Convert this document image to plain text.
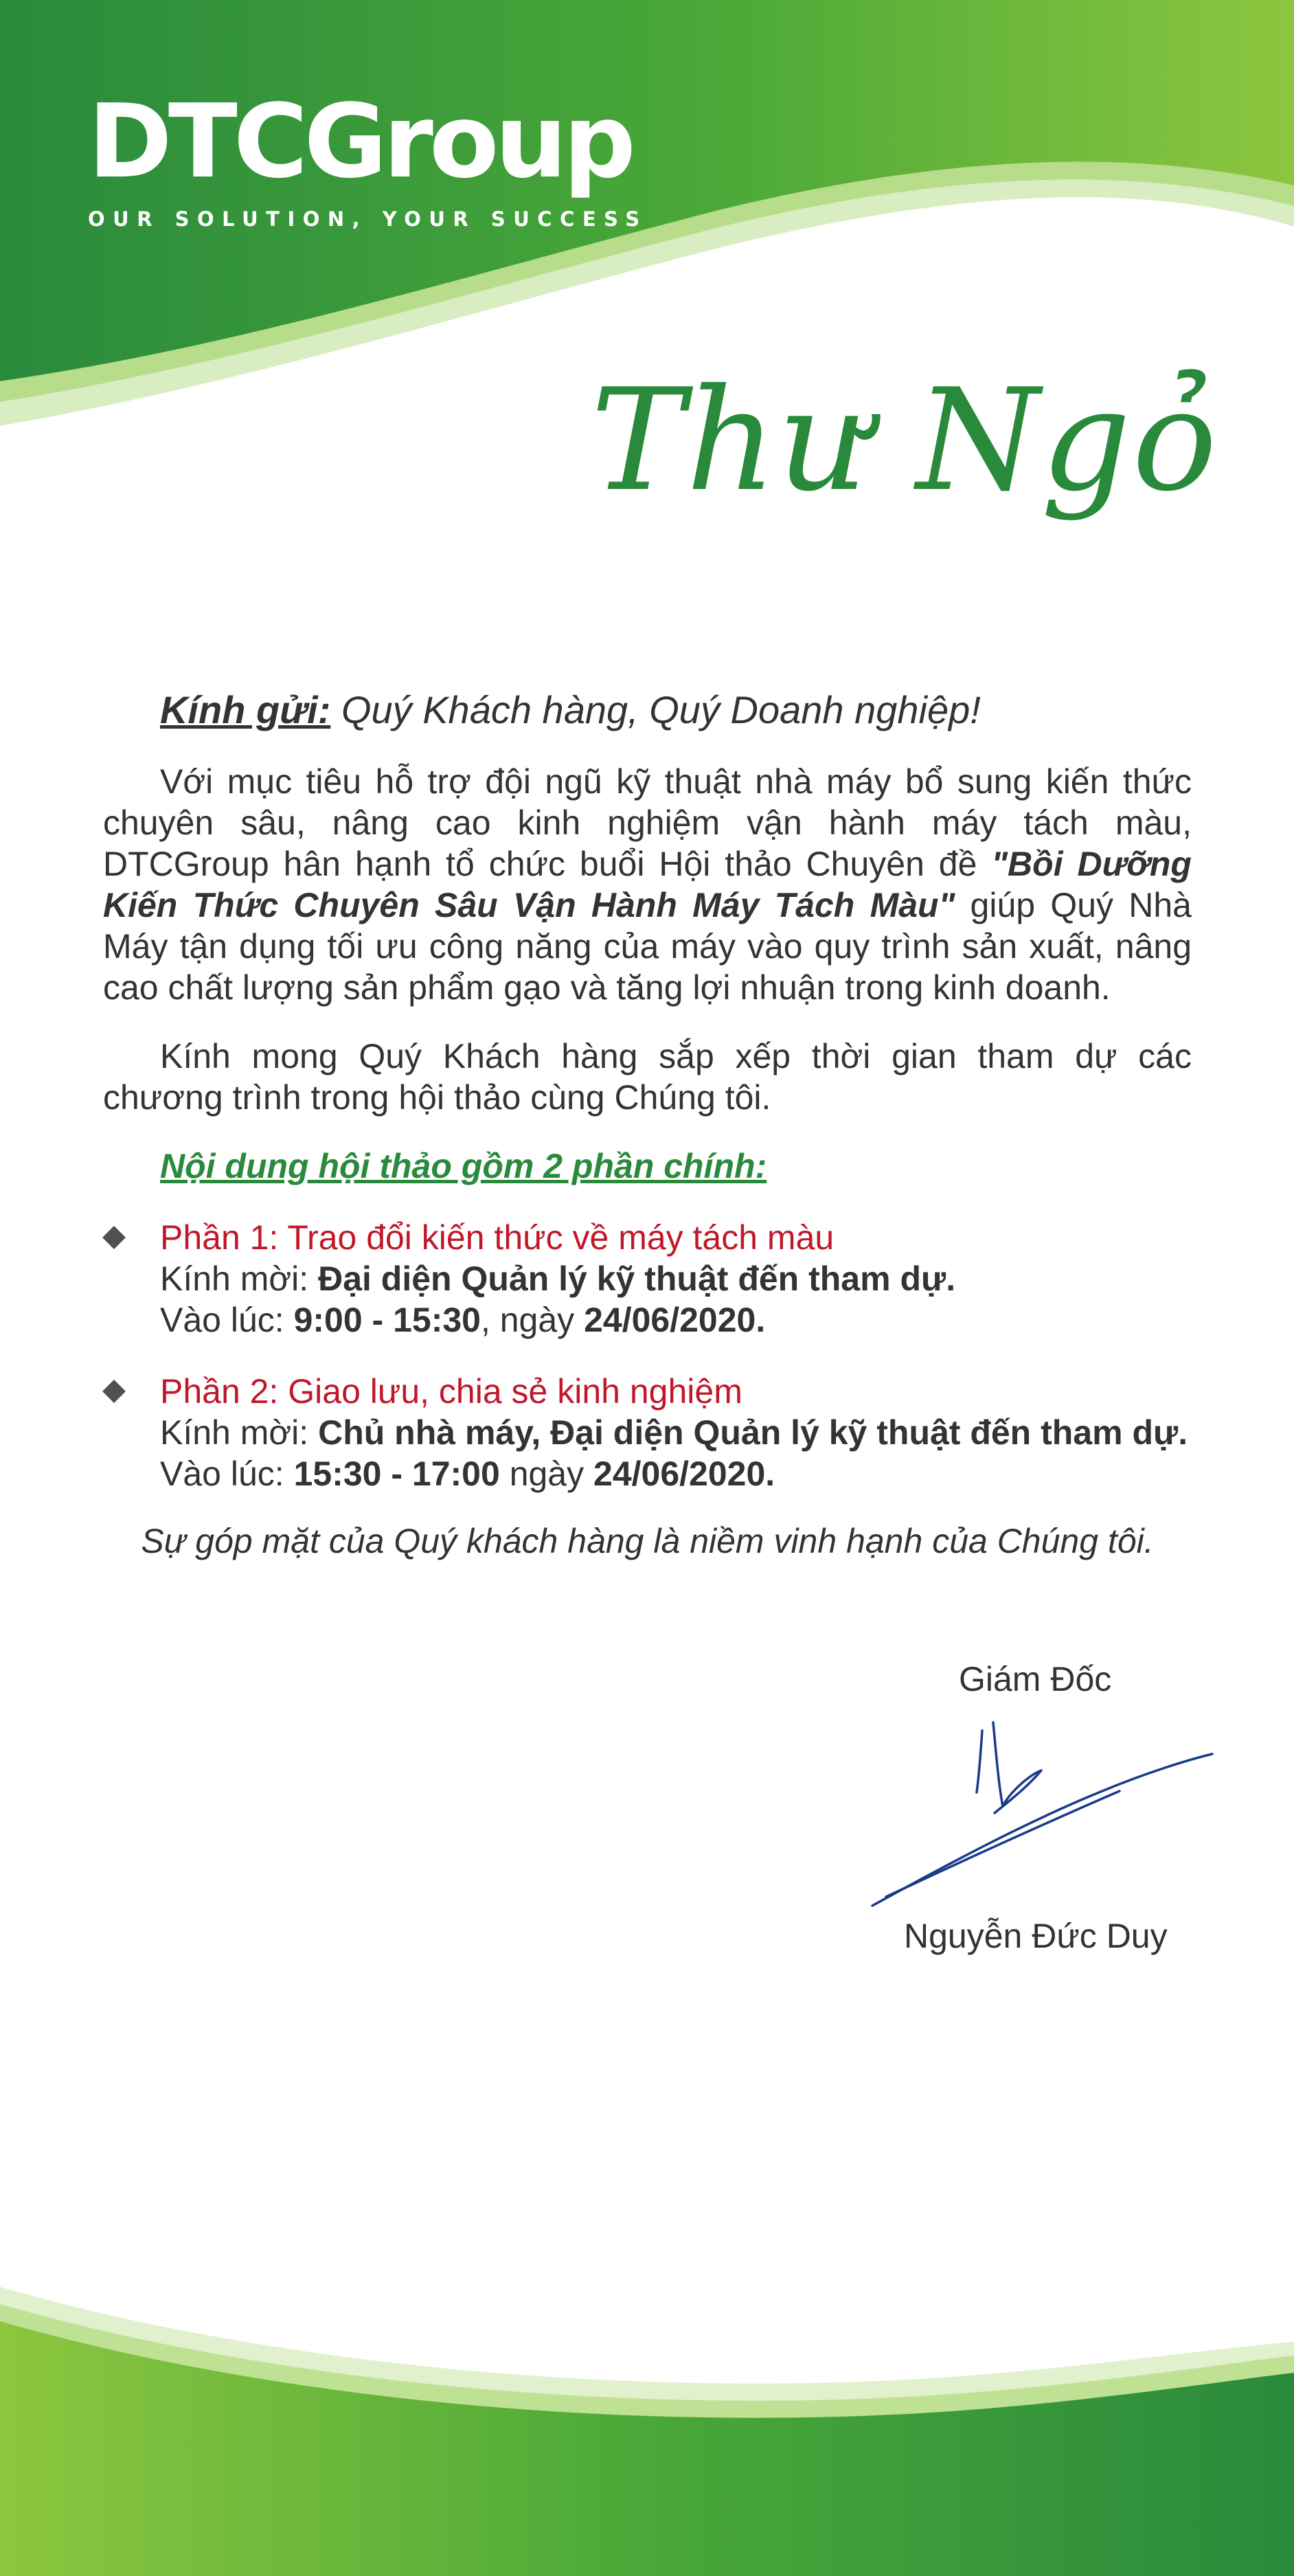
DTCGroup
OUR SOLUTION, YOUR SUCCESS
Thư Ngỏ
Kính gửi: Quý Khách hàng, Quý Doanh nghiệp!

Với mục tiêu hỗ trợ đội ngũ kỹ thuật nhà máy bổ sung kiến thức chuyên sâu, nâng cao kinh nghiệm vận hành máy tách màu, DTCGroup hân hạnh tổ chức buổi Hội thảo Chuyên đề "Bồi Dưỡng Kiến Thức Chuyên Sâu Vận Hành Máy Tách Màu" giúp Quý Nhà Máy tận dụng tối ưu công năng của máy vào quy trình sản xuất, nâng cao chất lượng sản phẩm gạo và tăng lợi nhuận trong kinh doanh.

Kính mong Quý Khách hàng sắp xếp thời gian tham dự các chương trình trong hội thảo cùng Chúng tôi.

Nội dung hội thảo gồm 2 phần chính:
Phần 1: Trao đổi kiến thức về máy tách màu
Kính mời: Đại diện Quản lý kỹ thuật đến tham dự.
Vào lúc: 9:00 - 15:30, ngày 24/06/2020.
Phần 2: Giao lưu, chia sẻ kinh nghiệm
Kính mời: Chủ nhà máy, Đại diện Quản lý kỹ thuật đến tham dự.
Vào lúc: 15:30 - 17:00 ngày 24/06/2020.
Sự góp mặt của Quý khách hàng là niềm vinh hạnh của Chúng tôi.
Giám Đốc
Nguyễn Đức Duy
